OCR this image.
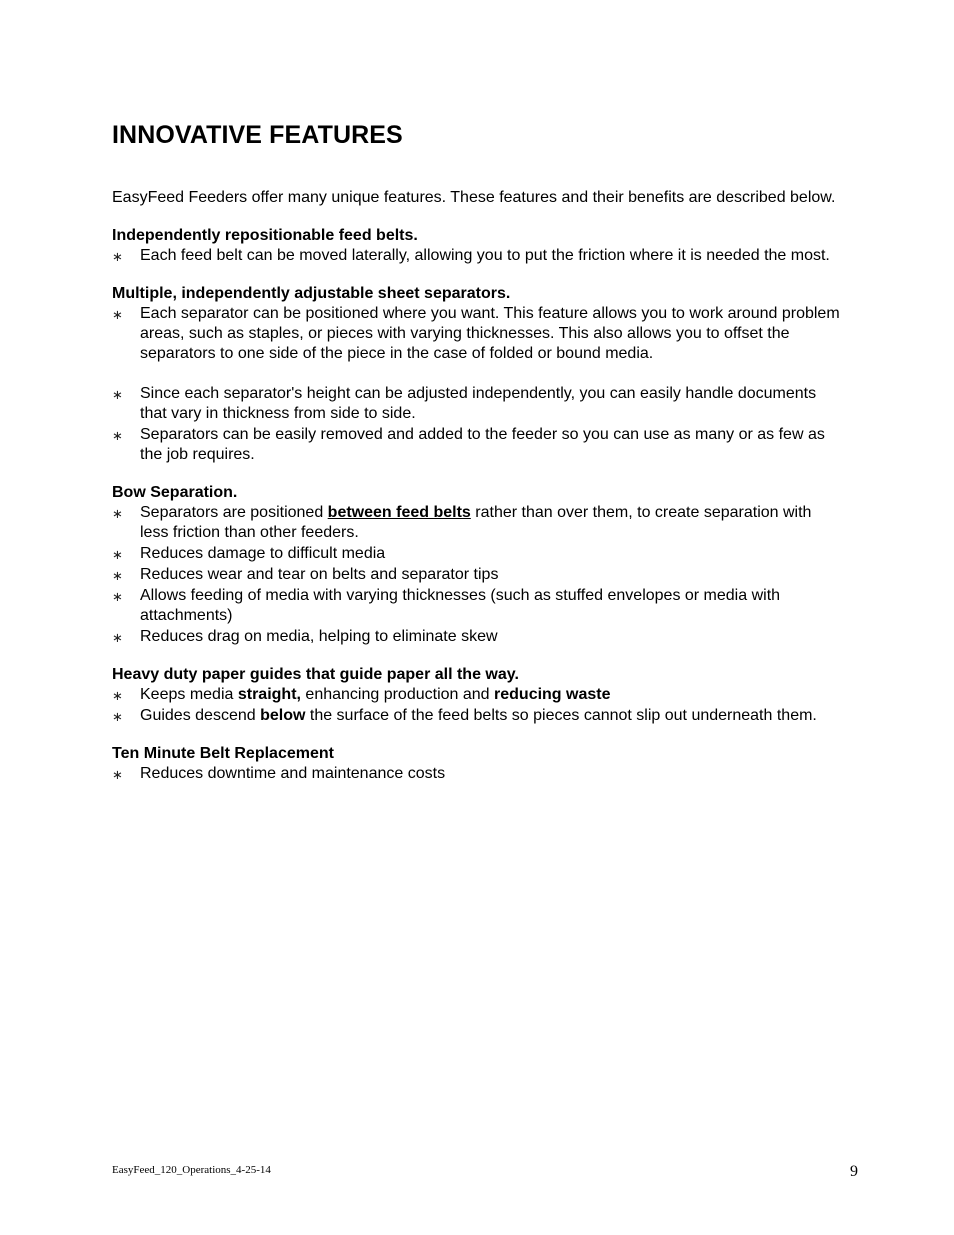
INNOVATIVE FEATURES

EasyFeed Feeders offer many unique features. These features and their benefits are described below.

Independently repositionable feed belts.

∗ Each feed belt can be moved laterally, allowing you to put the friction where it is needed the most.

Multiple, independently adjustable sheet separators.

∗ Each separator can be positioned where you want. This feature allows you to work around problem areas, such as staples, or pieces with varying thicknesses. This also allows you to offset the separators to one side of the piece in the case of folded or bound media.
∗ Since each separator's height can be adjusted independently, you can easily handle documents that vary in thickness from side to side.
∗ Separators can be easily removed and added to the feeder so you can use as many or as few as the job requires.

Bow Separation.

∗ Separators are positioned between feed belts rather than over them, to create separation with less friction than other feeders.
∗ Reduces damage to difficult media
∗ Reduces wear and tear on belts and separator tips
∗ Allows feeding of media with varying thicknesses (such as stuffed envelopes or media with attachments)
∗ Reduces drag on media, helping to eliminate skew

Heavy duty paper guides that guide paper all the way.

∗ Keeps media straight, enhancing production and reducing waste
∗ Guides descend below the surface of the feed belts so pieces cannot slip out underneath them.

Ten Minute Belt Replacement

∗ Reduces downtime and maintenance costs
EasyFeed_120_Operations_4-25-14	9
